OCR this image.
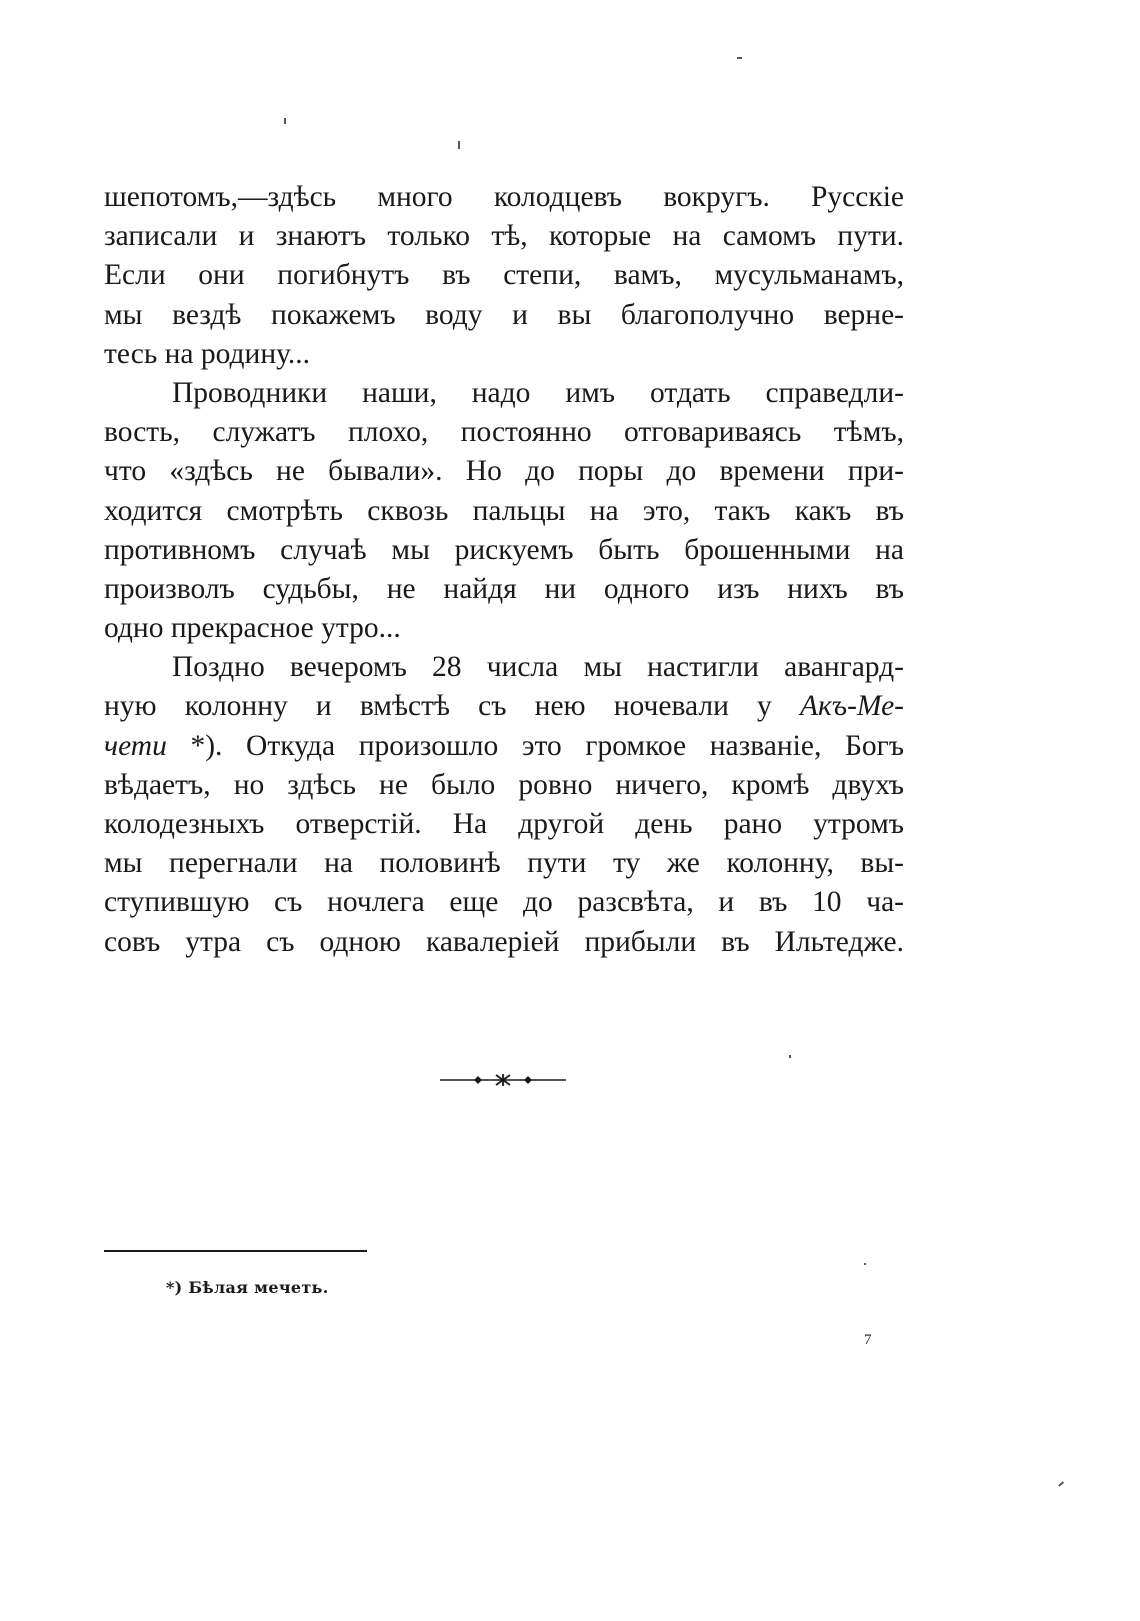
шепотомъ,—здѣсь много колодцевъ вокругъ. Русскіе
записали и знаютъ только тѣ, которые на самомъ пути.
Если они погибнутъ въ степи, вамъ, мусульманамъ,
мы вездѣ покажемъ воду и вы благополучно верне-
тесь на родину...
Проводники наши, надо имъ отдать справедли-
вость, служатъ плохо, постоянно отговариваясь тѣмъ,
что «здѣсь не бывали». Но до поры до времени при-
ходится смотрѣть сквозь пальцы на это, такъ какъ въ
противномъ случаѣ мы рискуемъ быть брошенными на
произволъ судьбы, не найдя ни одного изъ нихъ въ
одно прекрасное утро...
Поздно вечеромъ 28 числа мы настигли авангард-
ную колонну и вмѣстѣ съ нею ночевали у Акъ-Ме-
чети *). Откуда произошло это громкое названіе, Богъ
вѣдаетъ, но здѣсь не было ровно ничего, кромѣ двухъ
колодезныхъ отверстій. На другой день рано утромъ
мы перегнали на половинѣ пути ту же колонну, вы-
ступившую съ ночлега еще до разсвѣта, и въ 10 ча-
совъ утра съ одною кавалеріей прибыли въ Ильтедже.
*) Бѣлая мечеть.
7
